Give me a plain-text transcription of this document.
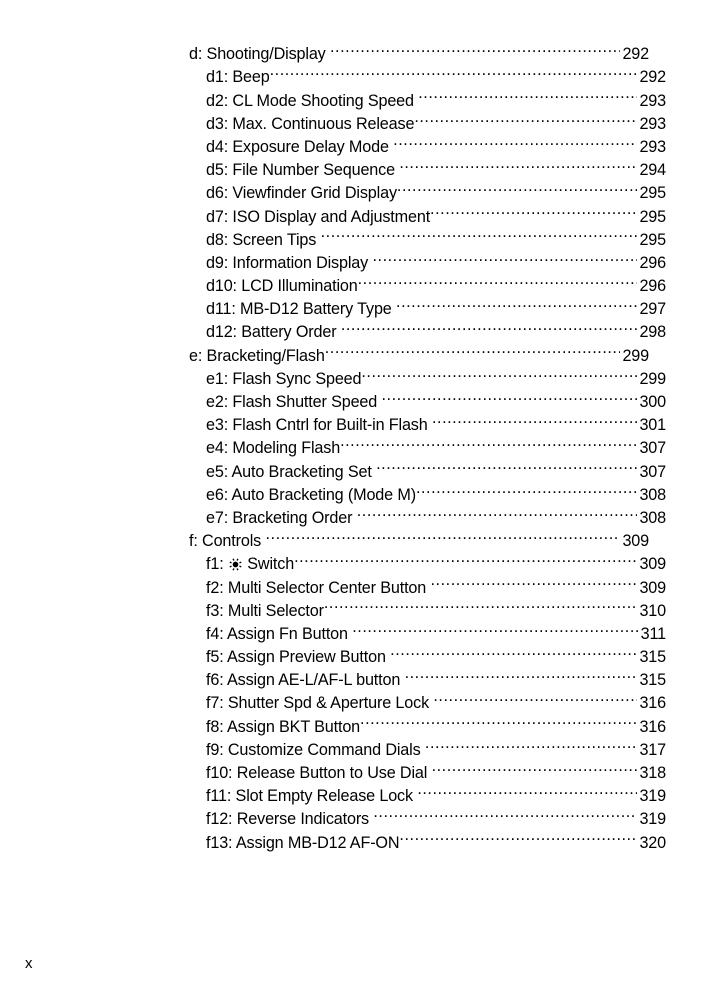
d: Shooting/Display .....	292
d1: Beep .....	292
d2: CL Mode Shooting Speed .....	293
d3: Max. Continuous Release .....	293
d4: Exposure Delay Mode .....	293
d5: File Number Sequence .....	294
d6: Viewfinder Grid Display .....	295
d7: ISO Display and Adjustment .....	295
d8: Screen Tips .....	295
d9: Information Display .....	296
d10: LCD Illumination .....	296
d11: MB-D12 Battery Type .....	297
d12: Battery Order .....	298
e: Bracketing/Flash .....	299
e1: Flash Sync Speed .....	299
e2: Flash Shutter Speed .....	300
e3: Flash Cntrl for Built-in Flash .....	301
e4: Modeling Flash .....	307
e5: Auto Bracketing Set .....	307
e6: Auto Bracketing (Mode M) .....	308
e7: Bracketing Order .....	308
f: Controls .....	309
f1: Switch .....	309
f2: Multi Selector Center Button .....	309
f3: Multi Selector .....	310
f4: Assign Fn Button .....	311
f5: Assign Preview Button .....	315
f6: Assign AE-L/AF-L button .....	315
f7: Shutter Spd & Aperture Lock .....	316
f8: Assign BKT Button .....	316
f9: Customize Command Dials .....	317
f10: Release Button to Use Dial .....	318
f11: Slot Empty Release Lock .....	319
f12: Reverse Indicators .....	319
f13: Assign MB-D12 AF-ON .....	320
x
